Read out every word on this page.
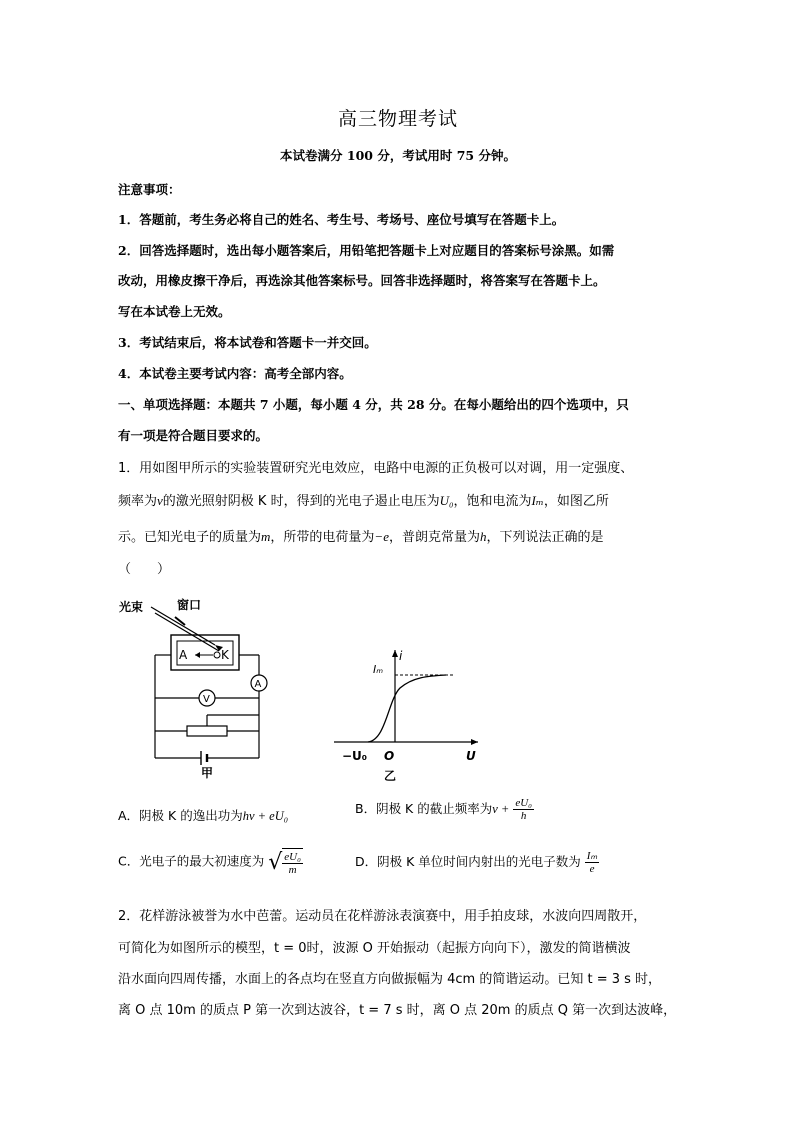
高三物理考试
本试卷满分 100 分，考试用时 75 分钟。
注意事项：
1．答题前，考生务必将自己的姓名、考生号、考场号、座位号填写在答题卡上。
2．回答选择题时，选出每小题答案后，用铅笔把答题卡上对应题目的答案标号涂黑。如需
改动，用橡皮擦干净后，再选涂其他答案标号。回答非选择题时，将答案写在答题卡上。
写在本试卷上无效。
3．考试结束后，将本试卷和答题卡一并交回。
4．本试卷主要考试内容：高考全部内容。
一、单项选择题：本题共 7 小题，每小题 4 分，共 28 分。在每小题给出的四个选项中，只
有一项是符合题目要求的。
1．用如图甲所示的实验装置研究光电效应，电路中电源的正负极可以对调，用一定强度、
频率为ν的激光照射阴极 K 时，得到的光电子遏止电压为U₀，饱和电流为Iₘ，如图乙所
示。已知光电子的质量为m，所带的电荷量为−e，普朗克常量为h，下列说法正确的是
（　　）
光束	窗口
A	K
A
V
甲
i
Iₘ
−U₀ O	U
乙
A．阴极 K 的逸出功为hν + eU₀	B．阴极 K 的截止频率为$\nu + \frac{\text{eU₀}}{h}$
C．光电子的最大初速度为 √ $\frac{\text{eU₀}}{m}$	D．阴极 K 单位时间内射出的光电子数为 $\frac{\text{Iₘ}}{e}$
2．花样游泳被誉为水中芭蕾。运动员在花样游泳表演赛中，用手拍皮球，水波向四周散开，
可简化为如图所示的模型，t = 0时，波源 O 开始振动（起振方向向下），激发的简谐横波
沿水面向四周传播，水面上的各点均在竖直方向做振幅为 4cm 的简谐运动。已知 t = 3 s 时，
离 O 点 10m 的质点 P 第一次到达波谷，t = 7 s 时，离 O 点 20m 的质点 Q 第一次到达波峰，
